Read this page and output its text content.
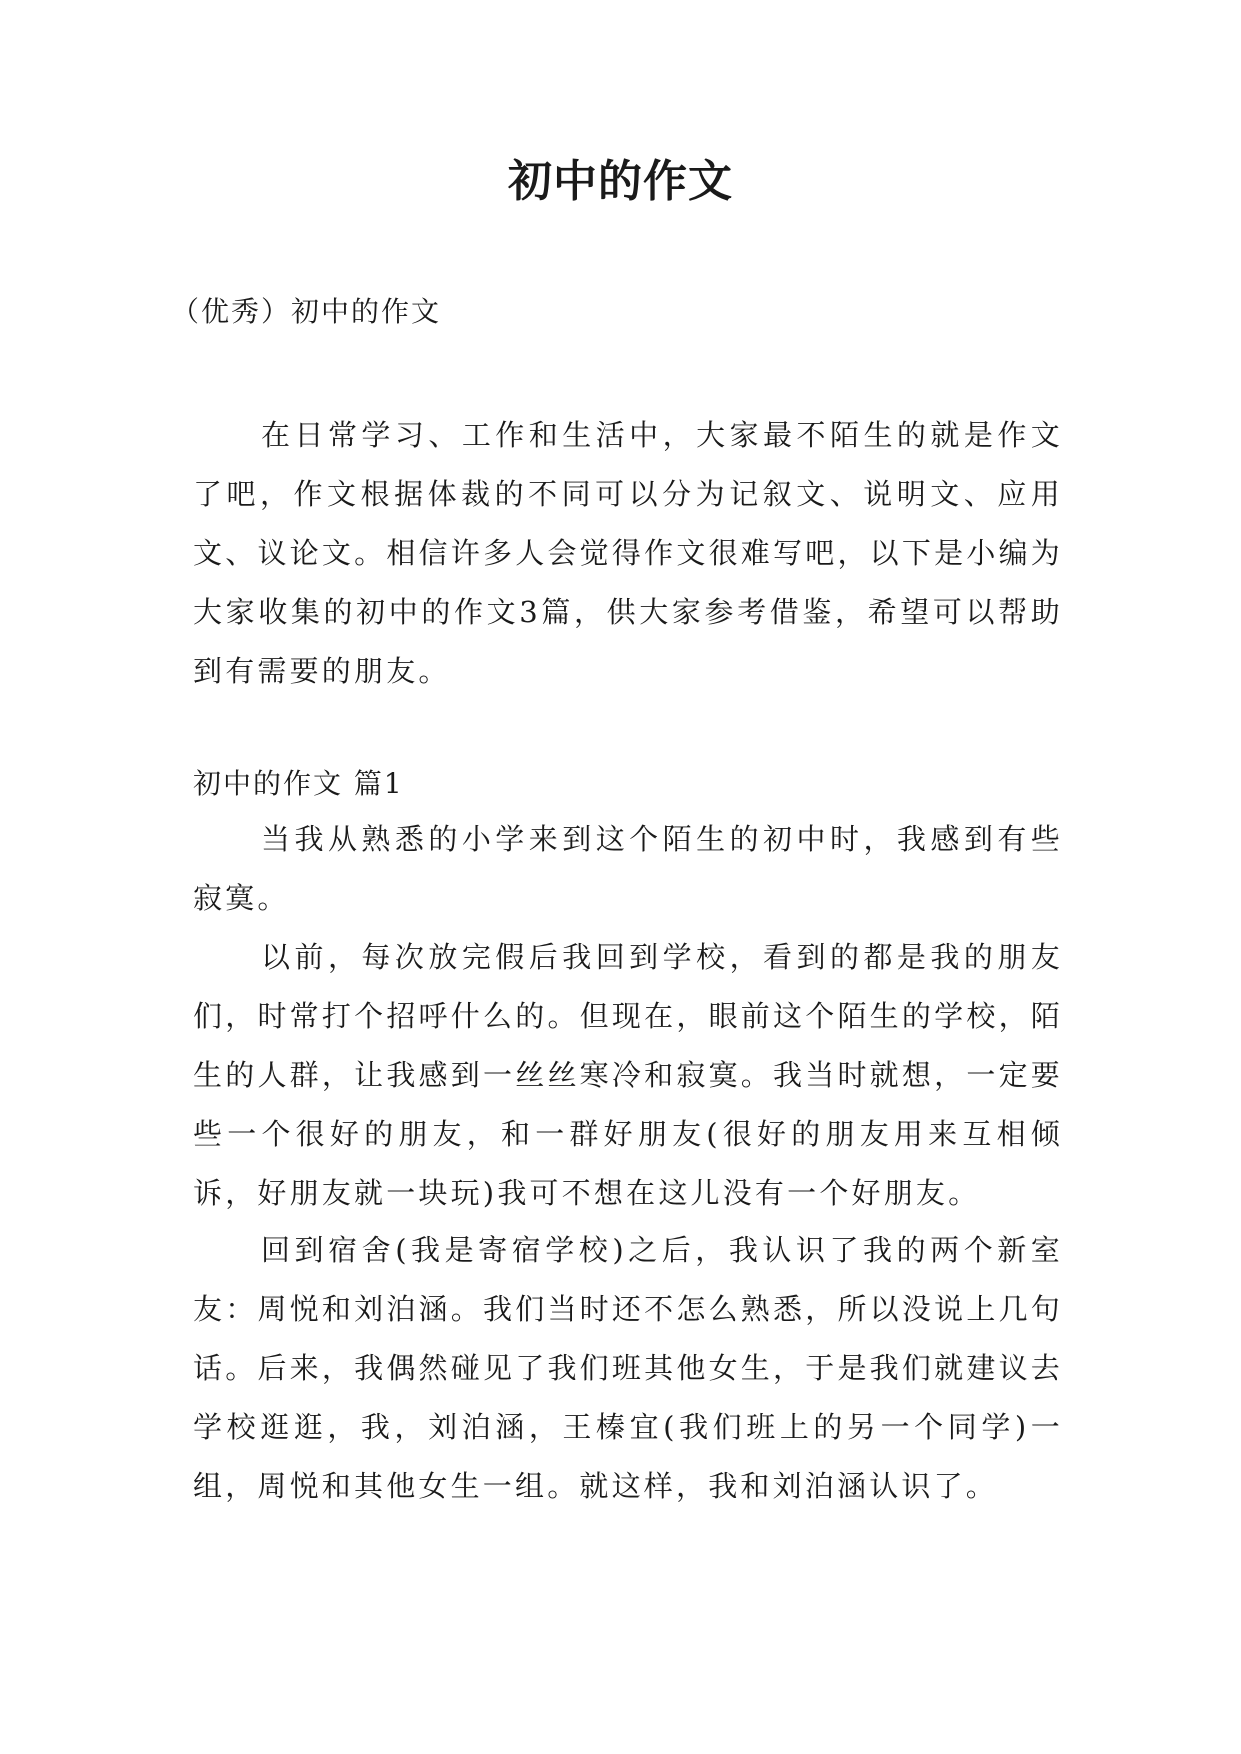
初中的作文

（优秀）初中的作文

在日常学习、工作和生活中，大家最不陌生的就是作文了吧，作文根据体裁的不同可以分为记叙文、说明文、应用文、议论文。相信许多人会觉得作文很难写吧，以下是小编为大家收集的初中的作文3篇，供大家参考借鉴，希望可以帮助到有需要的朋友。

初中的作文 篇1

当我从熟悉的小学来到这个陌生的初中时，我感到有些寂寞。

以前，每次放完假后我回到学校，看到的都是我的朋友们，时常打个招呼什么的。但现在，眼前这个陌生的学校，陌生的人群，让我感到一丝丝寒冷和寂寞。我当时就想，一定要些一个很好的朋友，和一群好朋友(很好的朋友用来互相倾诉，好朋友就一块玩)我可不想在这儿没有一个好朋友。

回到宿舍(我是寄宿学校)之后，我认识了我的两个新室友：周悦和刘泊涵。我们当时还不怎么熟悉，所以没说上几句话。后来，我偶然碰见了我们班其他女生，于是我们就建议去学校逛逛，我，刘泊涵，王榛宜(我们班上的另一个同学)一组，周悦和其他女生一组。就这样，我和刘泊涵认识了。
